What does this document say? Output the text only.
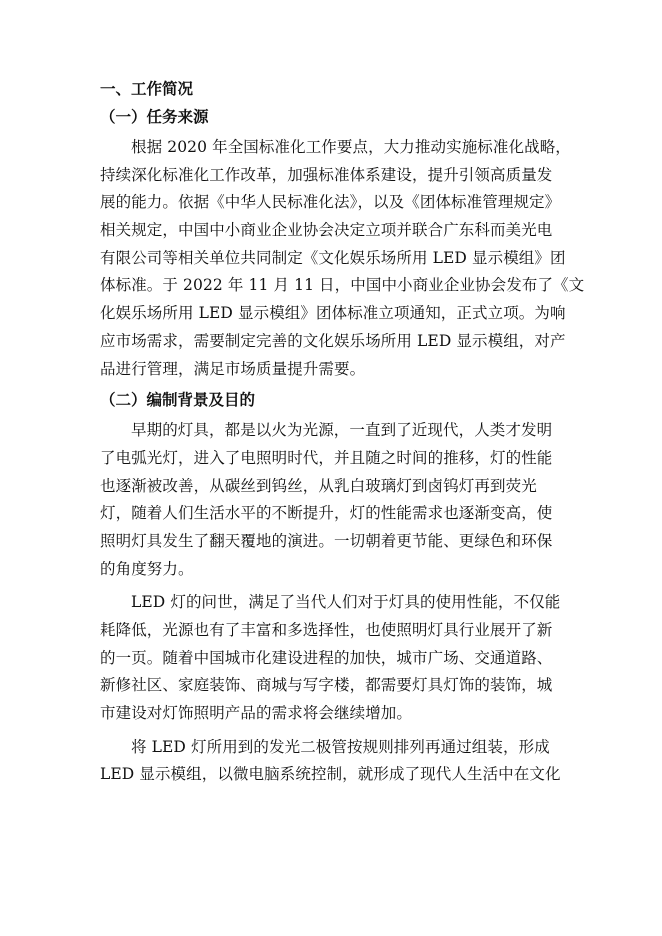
一、工作简况
（一）任务来源
根据 2020 年全国标准化工作要点，大力推动实施标准化战略，
持续深化标准化工作改革，加强标准体系建设，提升引领高质量发
展的能力。依据《中华人民标准化法》，以及《团体标准管理规定》
相关规定，中国中小商业企业协会决定立项并联合广东科而美光电
有限公司等相关单位共同制定《文化娱乐场所用 LED 显示模组》团
体标准。于 2022 年 11 月 11 日，中国中小商业企业协会发布了《文
化娱乐场所用 LED 显示模组》团体标准立项通知，正式立项。为响
应市场需求，需要制定完善的文化娱乐场所用 LED 显示模组，对产
品进行管理，满足市场质量提升需要。
（二）编制背景及目的
早期的灯具，都是以火为光源，一直到了近现代，人类才发明
了电弧光灯，进入了电照明时代，并且随之时间的推移，灯的性能
也逐渐被改善，从碳丝到钨丝，从乳白玻璃灯到卤钨灯再到荧光
灯，随着人们生活水平的不断提升，灯的性能需求也逐渐变高，使
照明灯具发生了翻天覆地的演进。一切朝着更节能、更绿色和环保
的角度努力。
LED 灯的问世，满足了当代人们对于灯具的使用性能，不仅能
耗降低，光源也有了丰富和多选择性，也使照明灯具行业展开了新
的一页。随着中国城市化建设进程的加快，城市广场、交通道路、
新修社区、家庭装饰、商城与写字楼，都需要灯具灯饰的装饰，城
市建设对灯饰照明产品的需求将会继续增加。
将 LED 灯所用到的发光二极管按规则排列再通过组装，形成
LED 显示模组，以微电脑系统控制，就形成了现代人生活中在文化
